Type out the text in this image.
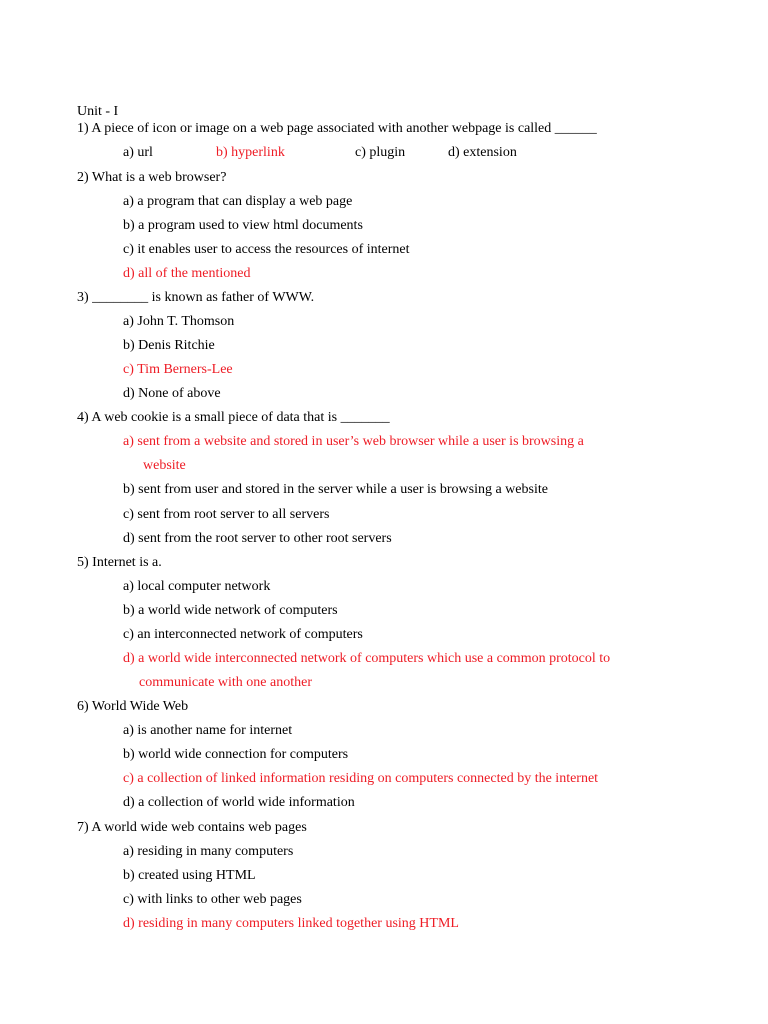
Unit - I
1) A piece of icon or image on a web page associated with another webpage is called ______
a) url	b) hyperlink	c) plugin	d) extension
2) What is a web browser?
a) a program that can display a web page
b) a program used to view html documents
c) it enables user to access the resources of internet
d) all of the mentioned
3) ________ is known as father of WWW.
a) John T. Thomson
b) Denis Ritchie
c) Tim Berners-Lee
d) None of above
4) A web cookie is a small piece of data that is _______
a) sent from a website and stored in user’s web browser while a user is browsing a
website
b) sent from user and stored in the server while a user is browsing a website
c) sent from root server to all servers
d) sent from the root server to other root servers
5) Internet is a.
a) local computer network
b) a world wide network of computers
c) an interconnected network of computers
d) a world wide interconnected network of computers which use a common protocol to
communicate with one another
6) World Wide Web
a) is another name for internet
b) world wide connection for computers
c) a collection of linked information residing on computers connected by the internet
d) a collection of world wide information
7) A world wide web contains web pages
a) residing in many computers
b) created using HTML
c) with links to other web pages
d) residing in many computers linked together using HTML
